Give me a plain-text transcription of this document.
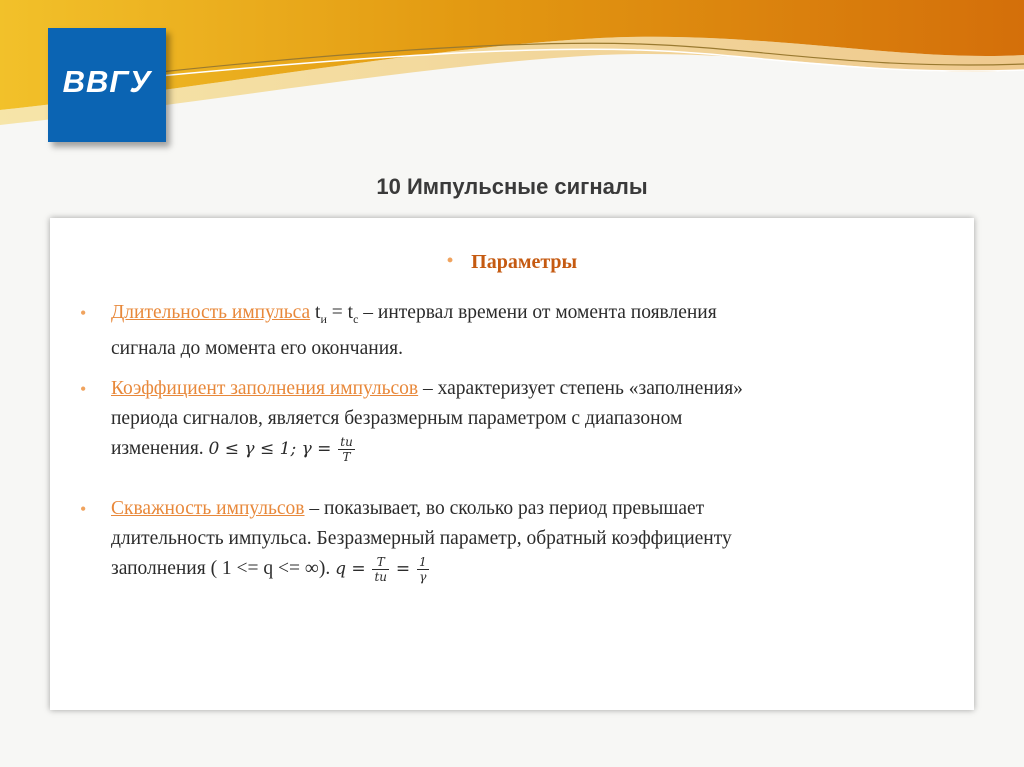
ВВГУ
10 Импульсные сигналы
• Параметры
• Длительность импульса $t_и = t_c$ – интервал времени от момента появления
сигнала до момента его окончания.
• Коэффициент заполнения импульсов – характеризует степень «заполнения»
периода сигналов, является безразмерным параметром с диапазоном
изменения. 0 ≤ γ ≤ 1; $\gamma = \frac{tu}{T}$
• Скважность импульсов – показывает, во сколько раз период превышает
длительность импульса. Безразмерный параметр, обратный коэффициенту
заполнения ( 1 <= q <= ∞). $q = \frac{T}{tu} = \frac{1}{\gamma}$
